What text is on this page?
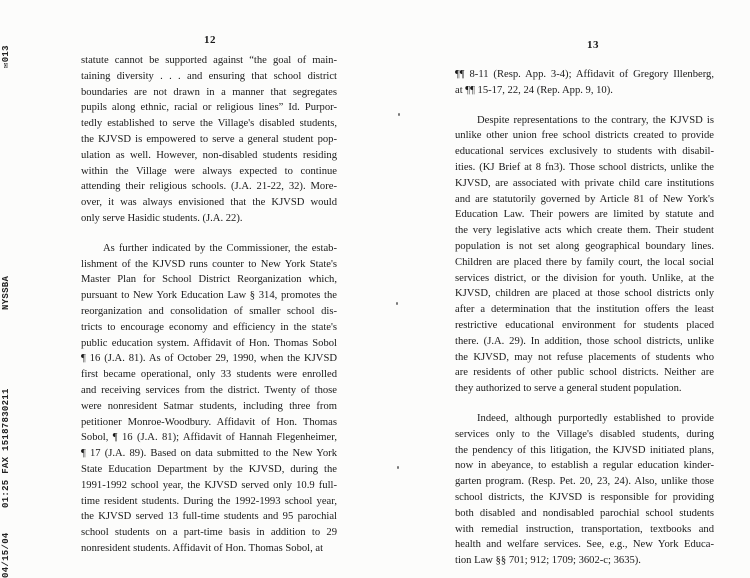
04/15/04
01:25 FAX 15187830211
NYSSBA
✉013
12	13
statute cannot be supported against “the goal of main-
taining diversity . . . and ensuring that school district
boundaries are not drawn in a manner that segregates
pupils along ethnic, racial or religious lines” Id. Purpor-
tedly established to serve the Village's disabled students,
the KJVSD is empowered to serve a general student pop-
ulation as well. However, non-disabled students residing
within the Village were always expected to continue
attending their religious schools. (J.A. 21-22, 32). More-
over, it was always envisioned that the KJVSD would
only serve Hasidic students. (J.A. 22).
As further indicated by the Commissioner, the estab-
lishment of the KJVSD runs counter to New York State's
Master Plan for School District Reorganization which,
pursuant to New York Education Law § 314, promotes the
reorganization and consolidation of smaller school dis-
tricts to encourage economy and efficiency in the state's
public education system. Affidavit of Hon. Thomas Sobol
¶ 16 (J.A. 81). As of October 29, 1990, when the KJVSD
first became operational, only 33 students were enrolled
and receiving services from the district. Twenty of those
were nonresident Satmar students, including three from
petitioner Monroe-Woodbury. Affidavit of Hon. Thomas
Sobol, ¶ 16 (J.A. 81); Affidavit of Hannah Flegenheimer,
¶ 17 (J.A. 89). Based on data submitted to the New York
State Education Department by the KJVSD, during the
1991-1992 school year, the KJVSD served only 10.9 full-
time resident students. During the 1992-1993 school year,
the KJVSD served 13 full-time students and 95 parochial
school students on a part-time basis in addition to 29
nonresident students. Affidavit of Hon. Thomas Sobol, at
¶¶ 8-11 (Resp. App. 3-4); Affidavit of Gregory Illenberg,
at ¶¶ 15-17, 22, 24 (Rep. App. 9, 10).
Despite representations to the contrary, the KJVSD is
unlike other union free school districts created to provide
educational services exclusively to students with disabil-
ities. (KJ Brief at 8 fn3). Those school districts, unlike the
KJVSD, are associated with private child care institutions
and are statutorily governed by Article 81 of New York's
Education Law. Their powers are limited by statute and
the very legislative acts which create them. Their student
population is not set along geographical boundary lines.
Children are placed there by family court, the local social
services district, or the division for youth. Unlike, at the
KJVSD, children are placed at those school districts only
after a determination that the institution offers the least
restrictive educational environment for students placed
there. (J.A. 29). In addition, those school districts, unlike
the KJVSD, may not refuse placements of students who
are residents of other public school districts. Neither are
they authorized to serve a general student population.
Indeed, although purportedly established to provide
services only to the Village's disabled students, during
the pendency of this litigation, the KJVSD initiated plans,
now in abeyance, to establish a regular education kinder-
garten program. (Resp. Pet. 20, 23, 24). Also, unlike those
school districts, the KJVSD is responsible for providing
both disabled and nondisabled parochial school students
with remedial instruction, transportation, textbooks and
health and welfare services. See, e.g., New York Educa-
tion Law §§ 701; 912; 1709; 3602-c; 3635).
